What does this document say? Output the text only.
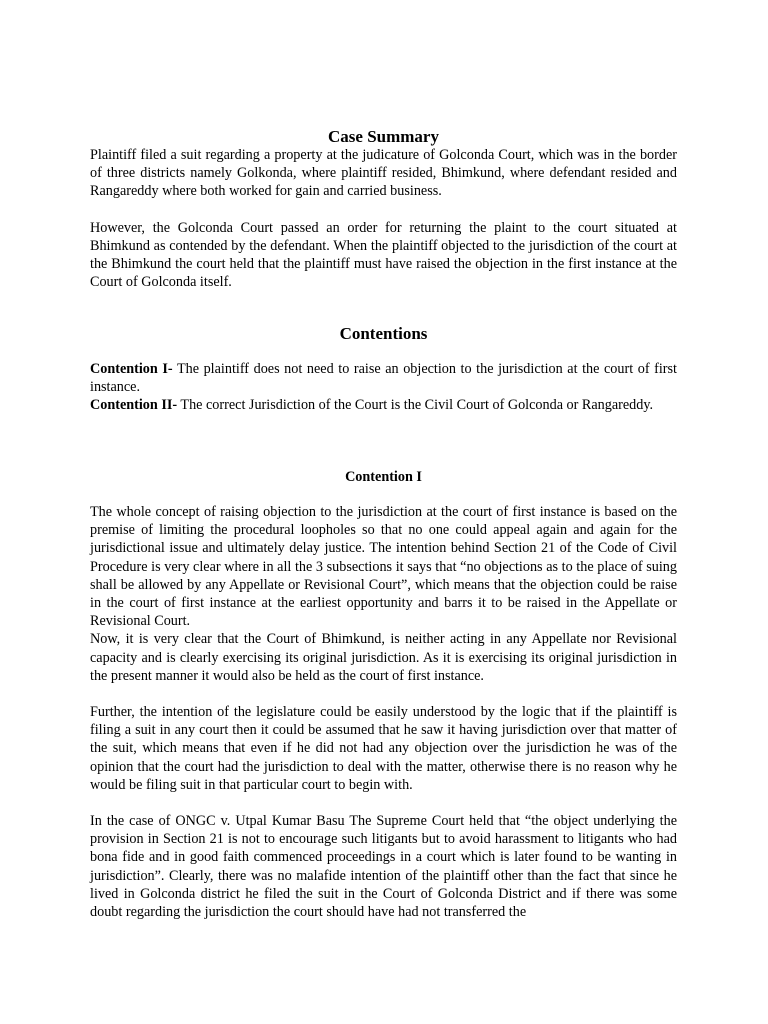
Case Summary

Plaintiff filed a suit regarding a property at the judicature of Golconda Court, which was in the border of three districts namely Golkonda, where plaintiff resided, Bhimkund, where defendant resided and Rangareddy where both worked for gain and carried business.

However, the Golconda Court passed an order for returning the plaint to the court situated at Bhimkund as contended by the defendant. When the plaintiff objected to the jurisdiction of the court at the Bhimkund the court held that the plaintiff must have raised the objection in the first instance at the Court of Golconda itself.

Contentions

Contention I- The plaintiff does not need to raise an objection to the jurisdiction at the court of first instance.

Contention II- The correct Jurisdiction of the Court is the Civil Court of Golconda or Rangareddy.

Contention I

The whole concept of raising objection to the jurisdiction at the court of first instance is based on the premise of limiting the procedural loopholes so that no one could appeal again and again for the jurisdictional issue and ultimately delay justice. The intention behind Section 21 of the Code of Civil Procedure is very clear where in all the 3 subsections it says that “no objections as to the place of suing shall be allowed by any Appellate or Revisional Court”, which means that the objection could be raise in the court of first instance at the earliest opportunity and barrs it to be raised in the Appellate or Revisional Court.

Now, it is very clear that the Court of Bhimkund, is neither acting in any Appellate nor Revisional capacity and is clearly exercising its original jurisdiction. As it is exercising its original jurisdiction in the present manner it would also be held as the court of first instance.

Further, the intention of the legislature could be easily understood by the logic that if the plaintiff is filing a suit in any court then it could be assumed that he saw it having jurisdiction over that matter of the suit, which means that even if he did not had any objection over the jurisdiction he was of the opinion that the court had the jurisdiction to deal with the matter, otherwise there is no reason why he would be filing suit in that particular court to begin with.

In the case of ONGC v. Utpal Kumar Basu The Supreme Court held that “the object underlying the provision in Section 21 is not to encourage such litigants but to avoid harassment to litigants who had bona fide and in good faith commenced proceedings in a court which is later found to be wanting in jurisdiction”. Clearly, there was no malafide intention of the plaintiff other than the fact that since he lived in Golconda district he filed the suit in the Court of Golconda District and if there was some doubt regarding the jurisdiction the court should have had not transferred the
